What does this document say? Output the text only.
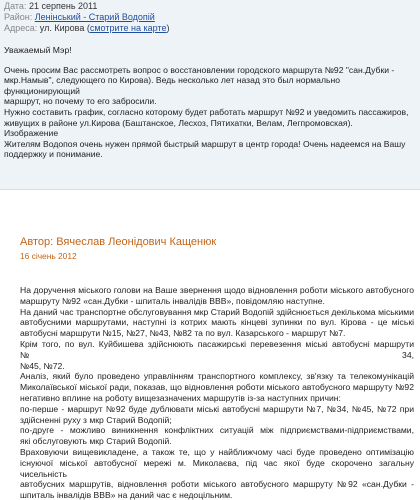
Дата: 21 серпень 2011
Район: Ленінський - Старий Водопій
Адреса: ул. Кирова (смотрите на карте)

Уважаемый Мэр!

Очень просим Вас рассмотреть вопрос о восстановлении городского маршрута №92 "сан.Дубки -

мкр.Намыв", следующего по Кирова). Ведь несколько лет назад это был нормально функционирующий

маршрут, но почему то его забросили.

Нужно составить график, согласно которому будет работать маршрут №92 и уведомить пассажиров,

живущих в районе ул.Кирова (Баштанское, Лесхоз, Пятихатки, Велам, Легпромовская).

Изображение

Жителям Водопоя очень нужен прямой быстрый маршрут в центр города! Очень надеемся на Вашу

поддержку и понимание.

Автор: Вячеслав Леонідович Кащенюк
16 січень 2012

На доручення міського голови на Ваше звернення щодо відновлення роботи міського автобусного

маршруту №92 «сан.Дубки - шпиталь інвалідів ВВВ», повідомляю наступне.

На даний час транспортне обслуговування мкр Старий Водопій здійснюється декількома міськими

автобусними маршрутами, наступні із котрих мають кінцеві зупинки по вул. Кірова - це міські

автобусні маршрути №15, №27, №43, №82 та по вул. Казарського - маршрут №7.

Крім того, по вул. Куйбишева здійснюють пасажирські перевезення міські автобусні маршрути №34,

№45, №72.

Аналіз, який було проведено управлінням транспортного комплексу, зв'язку та телекомунікацій

Миколаївської міської ради, показав, що відновлення роботи міського автобусного маршруту №92

негативно вплине на роботу вищезазначених маршрутів із-за наступних причин:

по-перше - маршрут №92 буде дублювати міські автобусні маршрути №7, №34, №45, №72 при

здійсненні руху з мкр Старий Водопій;

по-друге - можливо виникнення конфліктних ситуацій між підприємствами-підприємствами,

які обслуговують мкр Старий Водопій.

Враховуючи вищевикладене, а також те, що у найближчому часі буде проведено оптимізацію

існуючої міської автобусної мережі м. Миколаєва, під час якої буде скорочено загальну чисельність

автобусних маршрутів, відновлення роботи міського автобусного маршруту №92 «сан.Дубки -

шпиталь інвалідів ВВВ» на даний час є недоцільним.
